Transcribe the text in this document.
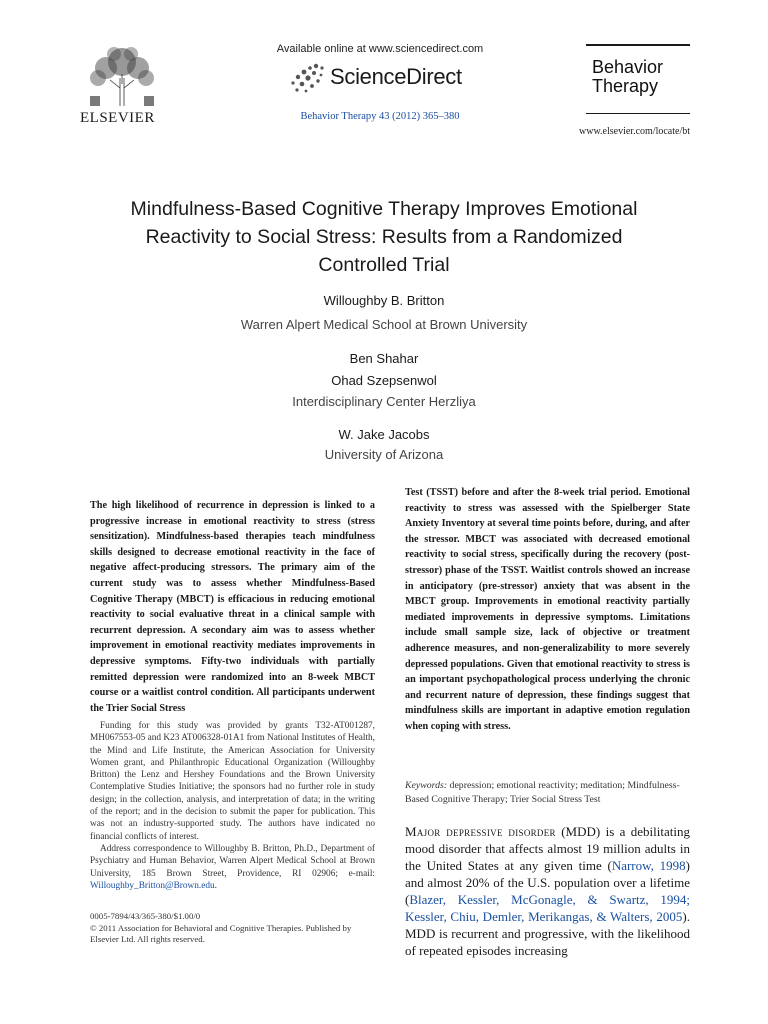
ELSEVIER
Available online at www.sciencedirect.com
ScienceDirect
Behavior Therapy 43 (2012) 365–380
Behavior
Therapy
www.elsevier.com/locate/bt
Mindfulness-Based Cognitive Therapy Improves Emotional
Reactivity to Social Stress: Results from a Randomized
Controlled Trial
Willoughby B. Britton
Warren Alpert Medical School at Brown University
Ben Shahar
Ohad Szepsenwol
Interdisciplinary Center Herzliya
W. Jake Jacobs
University of Arizona
The high likelihood of recurrence in depression is linked to a progressive increase in emotional reactivity to stress (stress sensitization). Mindfulness-based therapies teach mindfulness skills designed to decrease emotional reactivity in the face of negative affect-producing stressors. The primary aim of the current study was to assess whether Mindfulness-Based Cognitive Therapy (MBCT) is efficacious in reducing emotional reactivity to social evaluative threat in a clinical sample with recurrent depression. A secondary aim was to assess whether improvement in emotional reactivity mediates improvements in depressive symptoms. Fifty-two individuals with partially remitted depression were randomized into an 8-week MBCT course or a waitlist control condition. All participants underwent the Trier Social Stress
Test (TSST) before and after the 8-week trial period. Emotional reactivity to stress was assessed with the Spielberger State Anxiety Inventory at several time points before, during, and after the stressor. MBCT was associated with decreased emotional reactivity to social stress, specifically during the recovery (post-stressor) phase of the TSST. Waitlist controls showed an increase in anticipatory (pre-stressor) anxiety that was absent in the MBCT group. Improvements in emotional reactivity partially mediated improvements in depressive symptoms. Limitations include small sample size, lack of objective or treatment adherence measures, and non-generalizability to more severely depressed populations. Given that emotional reactivity to stress is an important psychopathological process underlying the chronic and recurrent nature of depression, these findings suggest that mindfulness skills are important in adaptive emotion regulation when coping with stress.
Keywords: depression; emotional reactivity; meditation; Mindfulness-Based Cognitive Therapy; Trier Social Stress Test

Funding for this study was provided by grants T32-AT001287, MH067553-05 and K23 AT006328-01A1 from National Institutes of Health, the Mind and Life Institute, the American Association for University Women grant, and Philanthropic Educational Organization (Willoughby Britton) the Lenz and Hershey Foundations and the Brown University Contemplative Studies Initiative; the sponsors had no further role in study design; in the collection, analysis, and interpretation of data; in the writing of the report; and in the decision to submit the paper for publication. This was not an industry-supported study. The authors have indicated no financial conflicts of interest.

Address correspondence to Willoughby B. Britton, Ph.D., Department of Psychiatry and Human Behavior, Warren Alpert Medical School at Brown University, 185 Brown Street, Providence, RI 02906; e-mail: Willoughby_Britton@Brown.edu.

0005-7894/43/365-380/$1.00/0

© 2011 Association for Behavioral and Cognitive Therapies. Published by Elsevier Ltd. All rights reserved.

Major depressive disorder (MDD) is a debilitating mood disorder that affects almost 19 million adults in the United States at any given time (Narrow, 1998) and almost 20% of the U.S. population over a lifetime (Blazer, Kessler, McGonagle, & Swartz, 1994; Kessler, Chiu, Demler, Merikangas, & Walters, 2005). MDD is recurrent and progressive, with the likelihood of repeated episodes increasing
